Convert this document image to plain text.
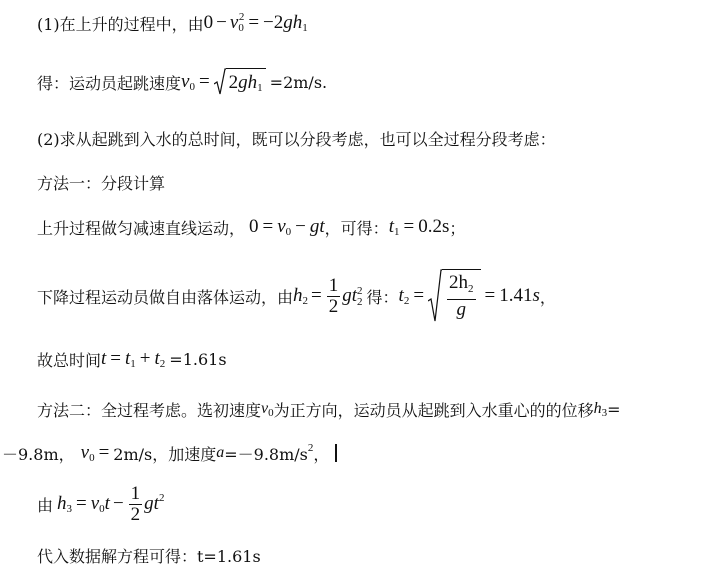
(1)在上升的过程中，由 $0 - v_0$
2 = −2 g $h_1$
得：运动员起跳速度 $v_0 = 2$ g $h_1 =2m/s$.
(2)求从起跳到入水的总时间，既可以分段考虑，也可以全过程分段考虑：
方法一：分段计算
上升过程做匀减速直线运动， $0 = v_0$ − gt ，可得： $t_1 = 0.2s$ ；
下降过程运动员做自由落体运动，由 $h_2 = \frac{1}{2}$ gt 2
2 得： $t_2 = \frac{2h_2}{g} = 1.41$ s ，
故总时间 $t = t_1 + t_2 =1.61s$
方法二：全过程考虑。选初速度 $v_0$ 为正方向，运动员从起跳到入水重心的的位移 $h_3$ =
－9.8m， $v_0 = 2m/s$，加速度 $a =-9.8m/s^2$ ，
由 $h_3 = v_0$ $t - \frac{1}{2} gt^2$
代入数据解方程可得：t=1.61s
